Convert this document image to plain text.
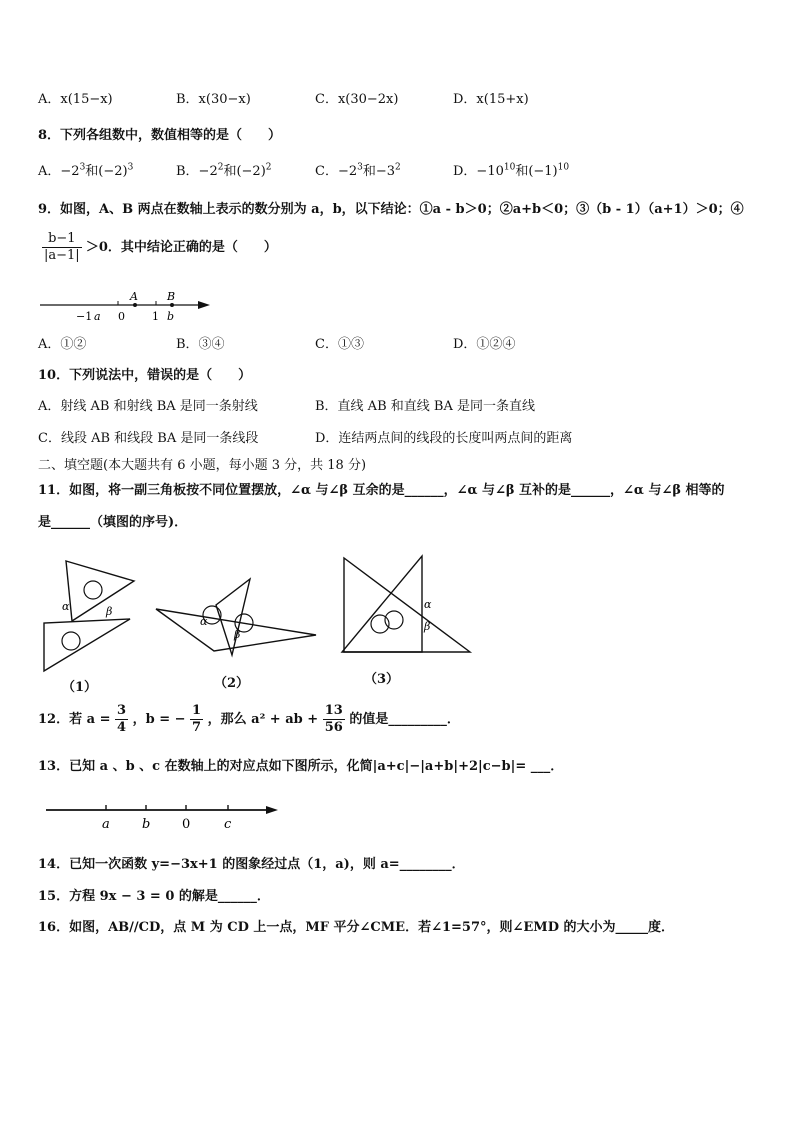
A．x(15−x)	B．x(30−x)	C．x(30−2x)	D．x(15+x)
8．下列各组数中，数值相等的是（　　）
A．$-2^3$和$(-2)^3$	B．$-2^2$和$(-2)^2$	C．$-2^3$和$-3^2$	D．$-10^{10}$和$(-1)^{10}$
9．如图，A、B 两点在数轴上表示的数分别为 a，b，以下结论：①a - b＞0；②a+b＜0；③（b - 1）（a+1）＞0；④
$\frac{b-1}{|a-1|} >0$．其中结论正确的是（　　）
A	B
−1 a 0 1 b
A．①②	B．③④	C．①③	D．①②④
10．下列说法中，错误的是（　　）
A．射线 AB 和射线 BA 是同一条射线	B．直线 AB 和直线 BA 是同一条直线
C．线段 AB 和线段 BA 是同一条线段	D．连结两点间的线段的长度叫两点间的距离
二、填空题(本大题共有 6 小题，每小题 3 分，共 18 分)
11．如图，将一副三角板按不同位置摆放，∠α 与∠β 互余的是______，∠α 与∠β 互补的是______，∠α 与∠β 相等的
是______（填图的序号)．
α	β
（1）
α
β
（2）
α
β
（3）
12．若 $a = \frac{3}{4}$ ，b = − $\frac{1}{7}$ ，那么 a² + ab + $\frac{13}{56}$ 的值是_________．
13．已知 a 、b 、c 在数轴上的对应点如下图所示，化简|a+c|−|a+b|+2|c−b|= ___．
a b 0	c
14．已知一次函数 y=−3x+1 的图象经过点（1，a)，则 a=________．
15．方程 9x − 3 = 0 的解是______．
16．如图，AB//CD，点 M 为 CD 上一点，MF 平分∠CME．若∠1=57°，则∠EMD 的大小为_____度．
